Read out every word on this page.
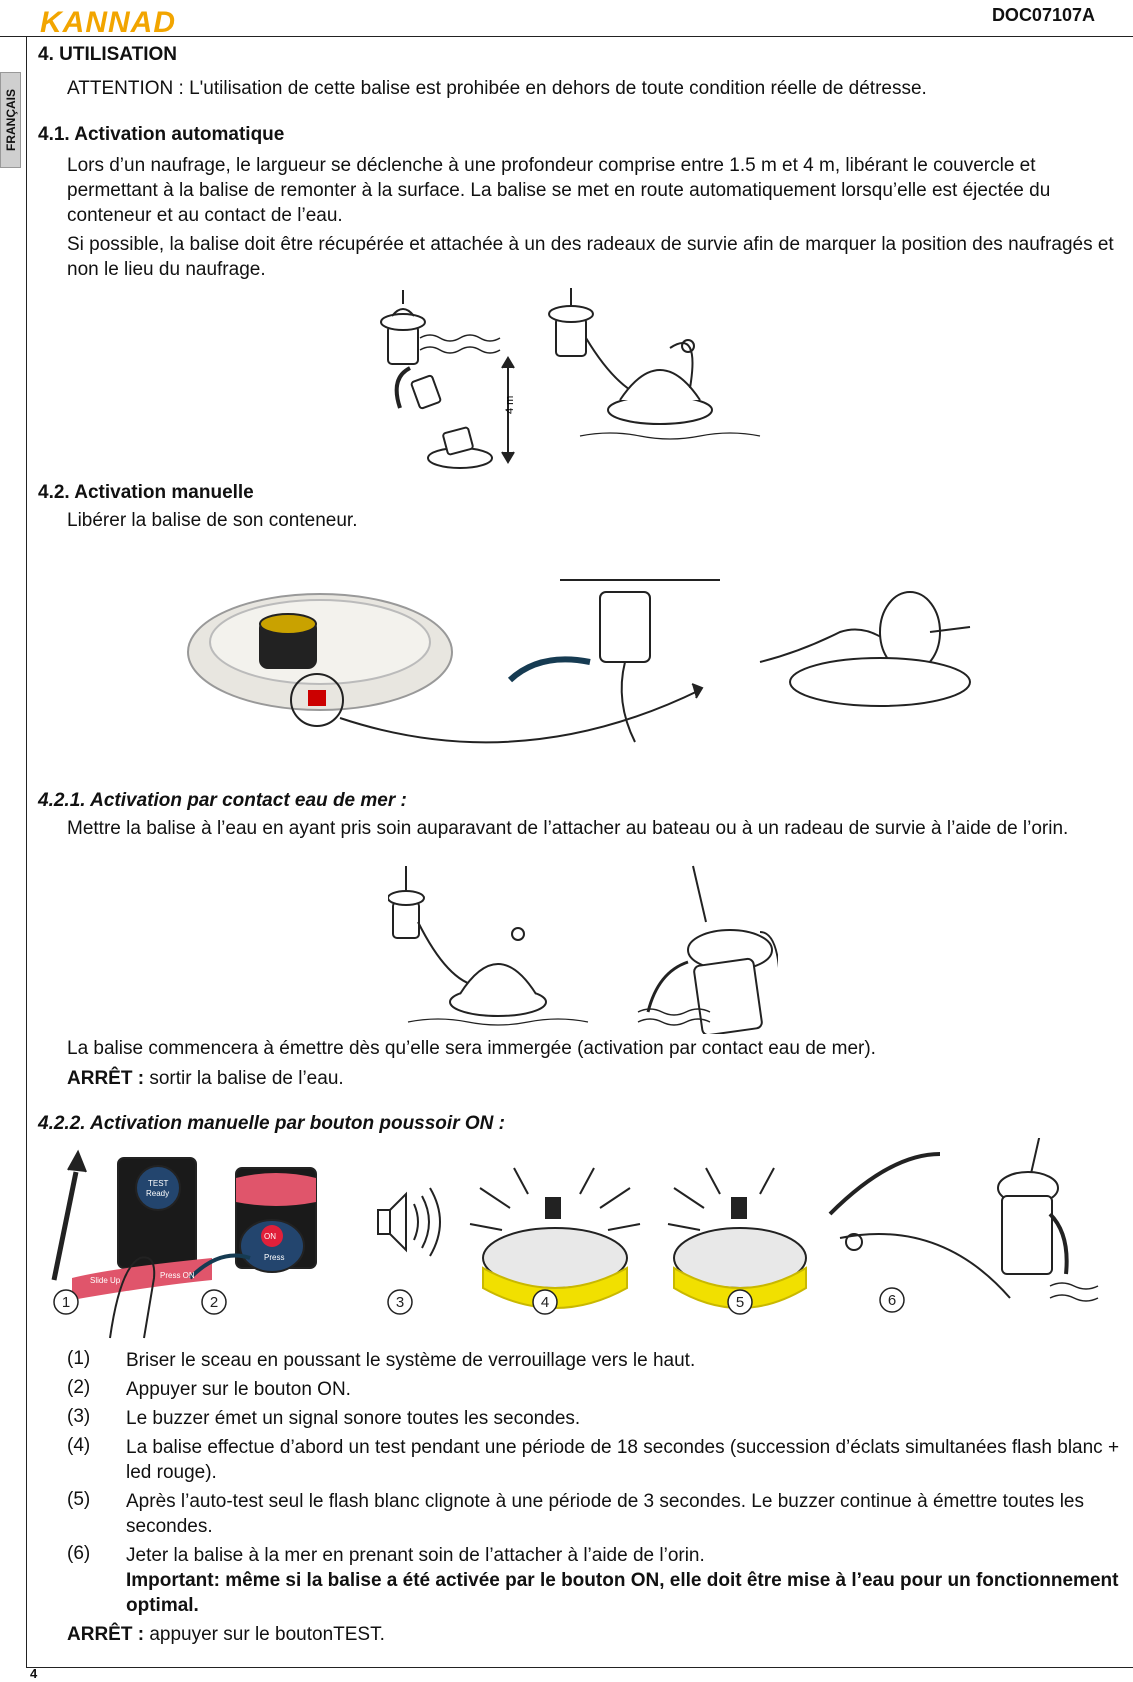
KANNAD	DOC07107A
FRANÇAIS
4. UTILISATION
ATTENTION : L'utilisation de cette balise est prohibée en dehors de toute condition réelle de détresse.
4.1. Activation automatique
Lors d’un naufrage, le largueur se déclenche à une profondeur comprise entre 1.5 m et 4 m, libérant le couvercle et permettant à la balise de remonter à la surface. La balise se met en route automatiquement lorsqu’elle est éjectée du conteneur et au contact de l’eau.
Si possible, la balise doit être récupérée et attachée à un des radeaux de survie afin de marquer la position des naufragés et non le lieu du naufrage.
4 m
4.2. Activation manuelle
Libérer la balise de son conteneur.
4.2.1. Activation par contact eau de mer :
Mettre la balise à l’eau en ayant pris soin auparavant de l’attacher au bateau ou à un radeau de survie à l’aide de l’orin.
La balise commencera à émettre dès qu’elle sera immergée (activation par contact eau de mer).
ARRÊT : sortir la balise de l’eau.
4.2.2. Activation manuelle par bouton poussoir ON :
TEST
Ready
Slide Up
Press ON
ON
Press
1	2	3	4	5	6
(1) Briser le sceau en poussant le système de verrouillage vers le haut.
(2) Appuyer sur le bouton ON.
(3) Le buzzer émet un signal sonore toutes les secondes.
(4) La balise effectue d’abord un test pendant une période de 18 secondes (succession d’éclats simultanées flash blanc + led rouge).
(5) Après l’auto-test seul le flash blanc clignote à une période de 3 secondes. Le buzzer continue à émettre toutes les secondes.
(6) Jeter la balise à la mer en prenant soin de l’attacher à l’aide de l’orin.
Important: même si la balise a été activée par le bouton ON, elle doit être mise à l’eau pour un fonctionnement optimal.
ARRÊT : appuyer sur le boutonTEST.
4
